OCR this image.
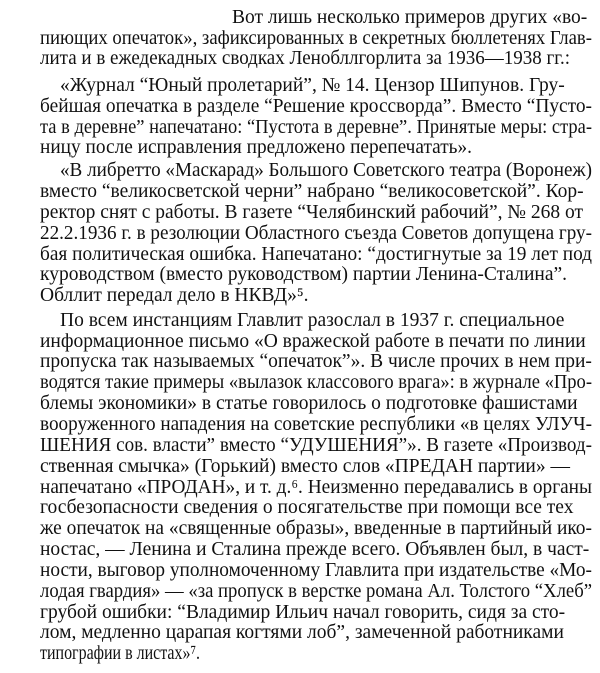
Вот лишь несколько примеров других «во-
пиющих опечаток», зафиксированных в секретных бюллетенях Глав-
лита и в ежедекадных сводках Ленобллгорлита за 1936—1938 гг.:
«Журнал “Юный пролетарий”, № 14. Цензор Шипунов. Гру-
бейшая опечатка в разделе “Решение кроссворда”. Вместо “Пусто-
та в деревне” напечатано: “Пустота в деревне”. Принятые меры: стра-
ницу после исправления предложено перепечатать».
«В либретто «Маскарад» Большого Советского театра (Воронеж)
вместо “великосветской черни” набрано “великосоветской”. Кор-
ректор снят с работы. В газете “Челябинский рабочий”, № 268 от
22.2.1936 г. в резолюции Областного съезда Советов допущена гру-
бая политическая ошибка. Напечатано: “достигнутые за 19 лет под
куроводством (вместо руководством) партии Ленина-Сталина”.
Обллит передал дело в НКВД»⁵.
По всем инстанциям Главлит разослал в 1937 г. специальное
информационное письмо «О вражеской работе в печати по линии
пропуска так называемых “опечаток”». В числе прочих в нем при-
водятся такие примеры «вылазок классового врага»: в журнале «Про-
блемы экономики» в статье говорилось о подготовке фашистами
вооруженного нападения на советские республики «в целях УЛУЧ-
ШЕНИЯ сов. власти” вместо “УДУШЕНИЯ”». В газете «Производ-
ственная смычка» (Горький) вместо слов «ПРЕДАН партии» —
напечатано «ПРОДАН», и т. д.⁶. Неизменно передавались в органы
госбезопасности сведения о посягательстве при помощи все тех
же опечаток на «священные образы», введенные в партийный ико-
ностас, — Ленина и Сталина прежде всего. Объявлен был, в част-
ности, выговор уполномоченному Главлита при издательстве «Мо-
лодая гвардия» — «за пропуск в верстке романа Ал. Толстого “Хлеб”
грубой ошибки: “Владимир Ильич начал говорить, сидя за сто-
лом, медленно царапая когтями лоб”, замеченной работниками
типографии в листах»⁷.
